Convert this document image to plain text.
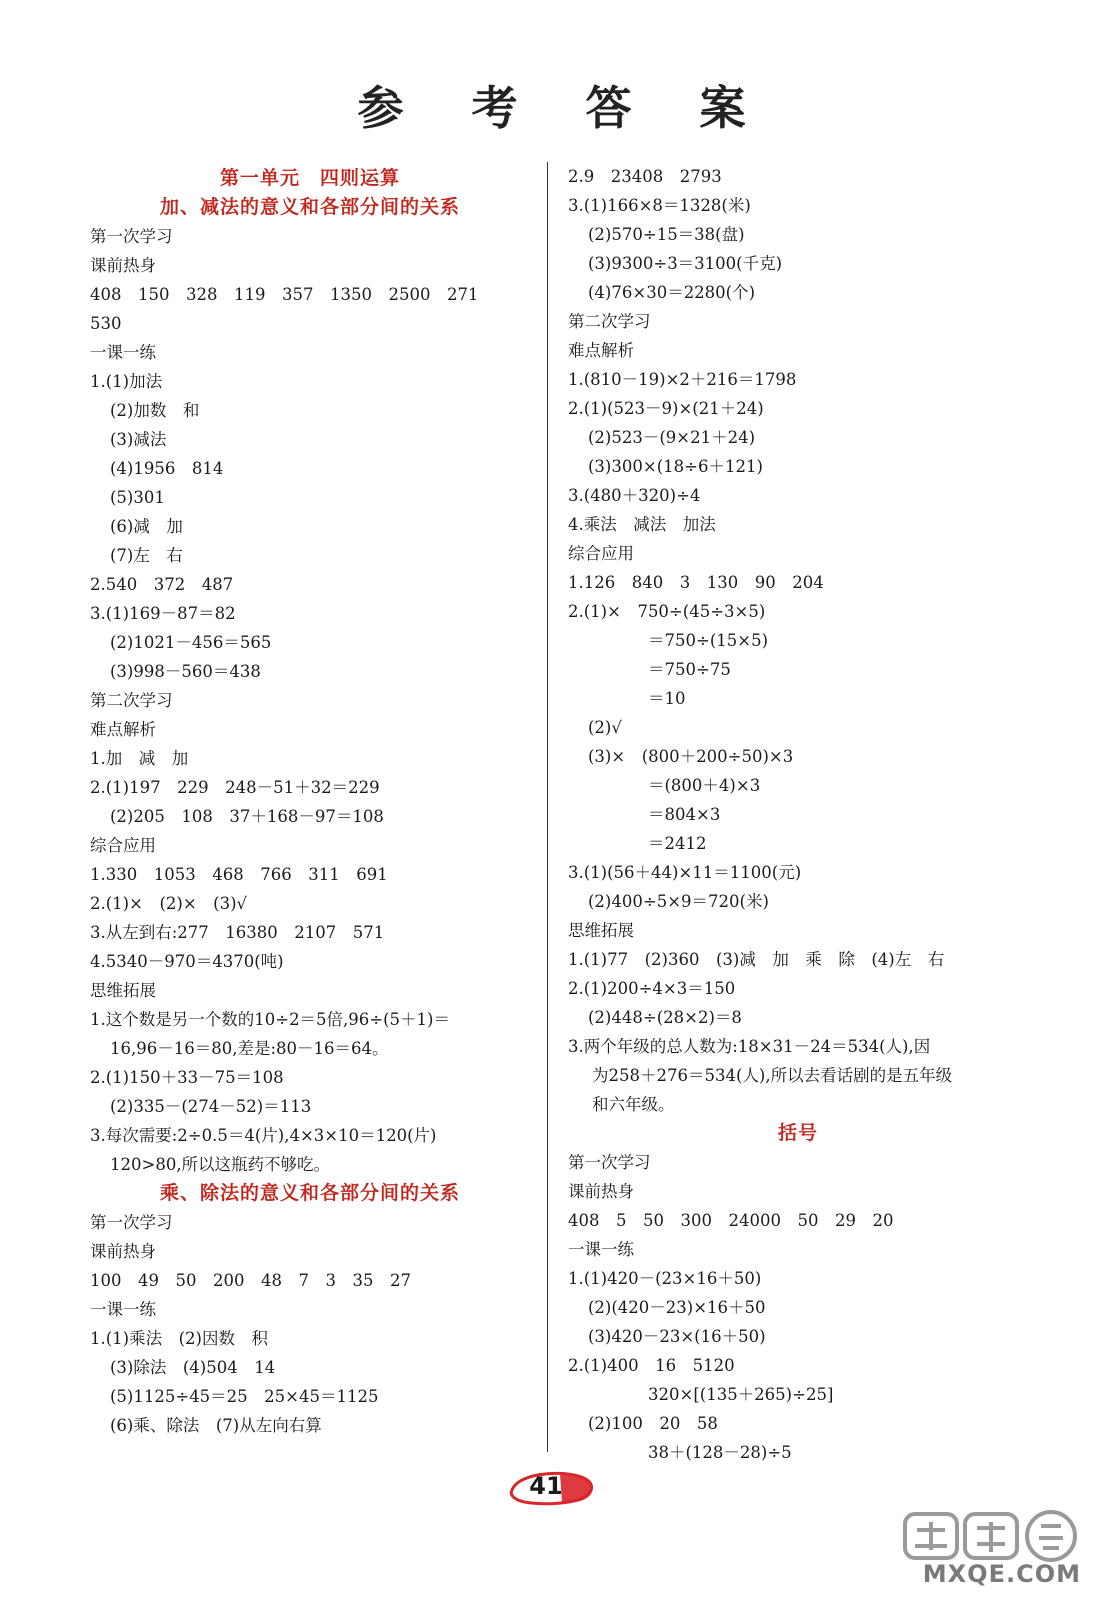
参 考 答 案
第一单元　四则运算
加、减法的意义和各部分间的关系
第一次学习
课前热身
408　150　328　119　357　1350　2500　271
530
一课一练
1.(1)加法
(2)加数　和
(3)减法
(4)1956　814
(5)301
(6)减　加
(7)左　右
2.540　372　487
3.(1)169－87＝82
(2)1021－456＝565
(3)998－560＝438
第二次学习
难点解析
1.加　减　加
2.(1)197　229　248－51＋32＝229
(2)205　108　37＋168－97＝108
综合应用
1.330　1053　468　766　311　691
2.(1)×　(2)×　(3)√
3.从左到右:277　16380　2107　571
4.5340－970＝4370(吨)
思维拓展
1.这个数是另一个数的10÷2＝5倍,96÷(5＋1)＝
16,96－16＝80,差是:80－16＝64。
2.(1)150＋33－75＝108
(2)335－(274－52)＝113
3.每次需要:2÷0.5＝4(片),4×3×10＝120(片)
120>80,所以这瓶药不够吃。
乘、除法的意义和各部分间的关系
第一次学习
课前热身
100　49　50　200　48　7　3　35　27
一课一练
1.(1)乘法　(2)因数　积
(3)除法　(4)504　14
(5)1125÷45＝25　25×45＝1125
(6)乘、除法　(7)从左向右算
2.9　23408　2793
3.(1)166×8＝1328(米)
(2)570÷15＝38(盘)
(3)9300÷3＝3100(千克)
(4)76×30＝2280(个)
第二次学习
难点解析
1.(810－19)×2＋216＝1798
2.(1)(523－9)×(21＋24)
(2)523－(9×21＋24)
(3)300×(18÷6＋121)
3.(480＋320)÷4
4.乘法　减法　加法
综合应用
1.126　840　3　130　90　204
2.(1)×　750÷(45÷3×5)
＝750÷(15×5)
＝750÷75
＝10
(2)√
(3)×　(800＋200÷50)×3
＝(800＋4)×3
＝804×3
＝2412
3.(1)(56＋44)×11＝1100(元)
(2)400÷5×9＝720(米)
思维拓展
1.(1)77　(2)360　(3)减　加　乘　除　(4)左　右
2.(1)200÷4×3＝150
(2)448÷(28×2)＝8
3.两个年级的总人数为:18×31－24＝534(人),因
为258＋276＝534(人),所以去看话剧的是五年级
和六年级。
括号
第一次学习
课前热身
408　5　50　300　24000　50　29　20
一课一练
1.(1)420－(23×16＋50)
(2)(420－23)×16＋50
(3)420－23×(16＋50)
2.(1)400　16　5120
320×[(135＋265)÷25]
(2)100　20　58
38＋(128－28)÷5
41
MXQE.COM
